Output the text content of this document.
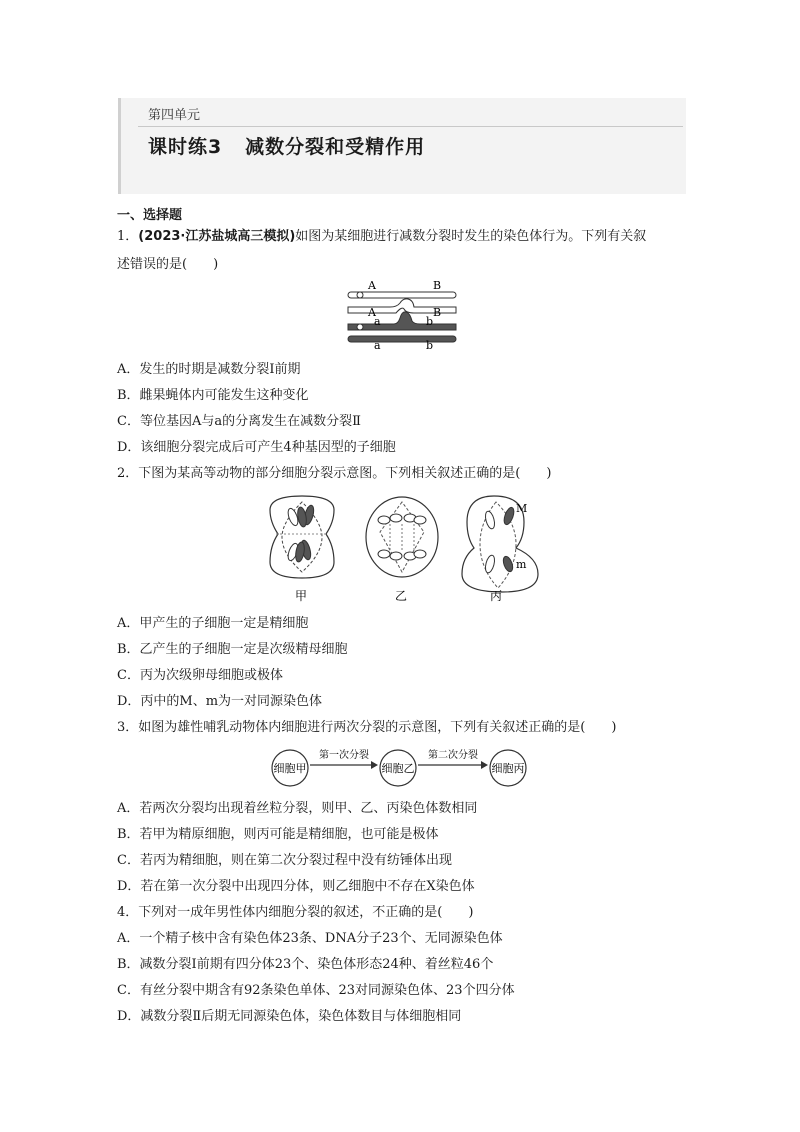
第四单元
课时练3 减数分裂和受精作用
一、选择题
1．(2023·江苏盐城高三模拟)如图为某细胞进行减数分裂时发生的染色体行为。下列有关叙
述错误的是(　　)
A	B
A	B
a	b
a	b
A．发生的时期是减数分裂Ⅰ前期
B．雌果蝇体内可能发生这种变化
C．等位基因A与a的分离发生在减数分裂Ⅱ
D．该细胞分裂完成后可产生4种基因型的子细胞
2．下图为某高等动物的部分细胞分裂示意图。下列相关叙述正确的是(　　)
M
m
甲	乙	丙
A．甲产生的子细胞一定是精细胞
B．乙产生的子细胞一定是次级精母细胞
C．丙为次级卵母细胞或极体
D．丙中的M、m为一对同源染色体
3．如图为雄性哺乳动物体内细胞进行两次分裂的示意图，下列有关叙述正确的是(　　)
细胞甲	细胞乙	细胞丙
第一次分裂	第二次分裂
A．若两次分裂均出现着丝粒分裂，则甲、乙、丙染色体数相同
B．若甲为精原细胞，则丙可能是精细胞，也可能是极体
C．若丙为精细胞，则在第二次分裂过程中没有纺锤体出现
D．若在第一次分裂中出现四分体，则乙细胞中不存在X染色体
4．下列对一成年男性体内细胞分裂的叙述，不正确的是(　　)
A．一个精子核中含有染色体23条、DNA分子23个、无同源染色体
B．减数分裂Ⅰ前期有四分体23个、染色体形态24种、着丝粒46个
C．有丝分裂中期含有92条染色单体、23对同源染色体、23个四分体
D．减数分裂Ⅱ后期无同源染色体，染色体数目与体细胞相同
